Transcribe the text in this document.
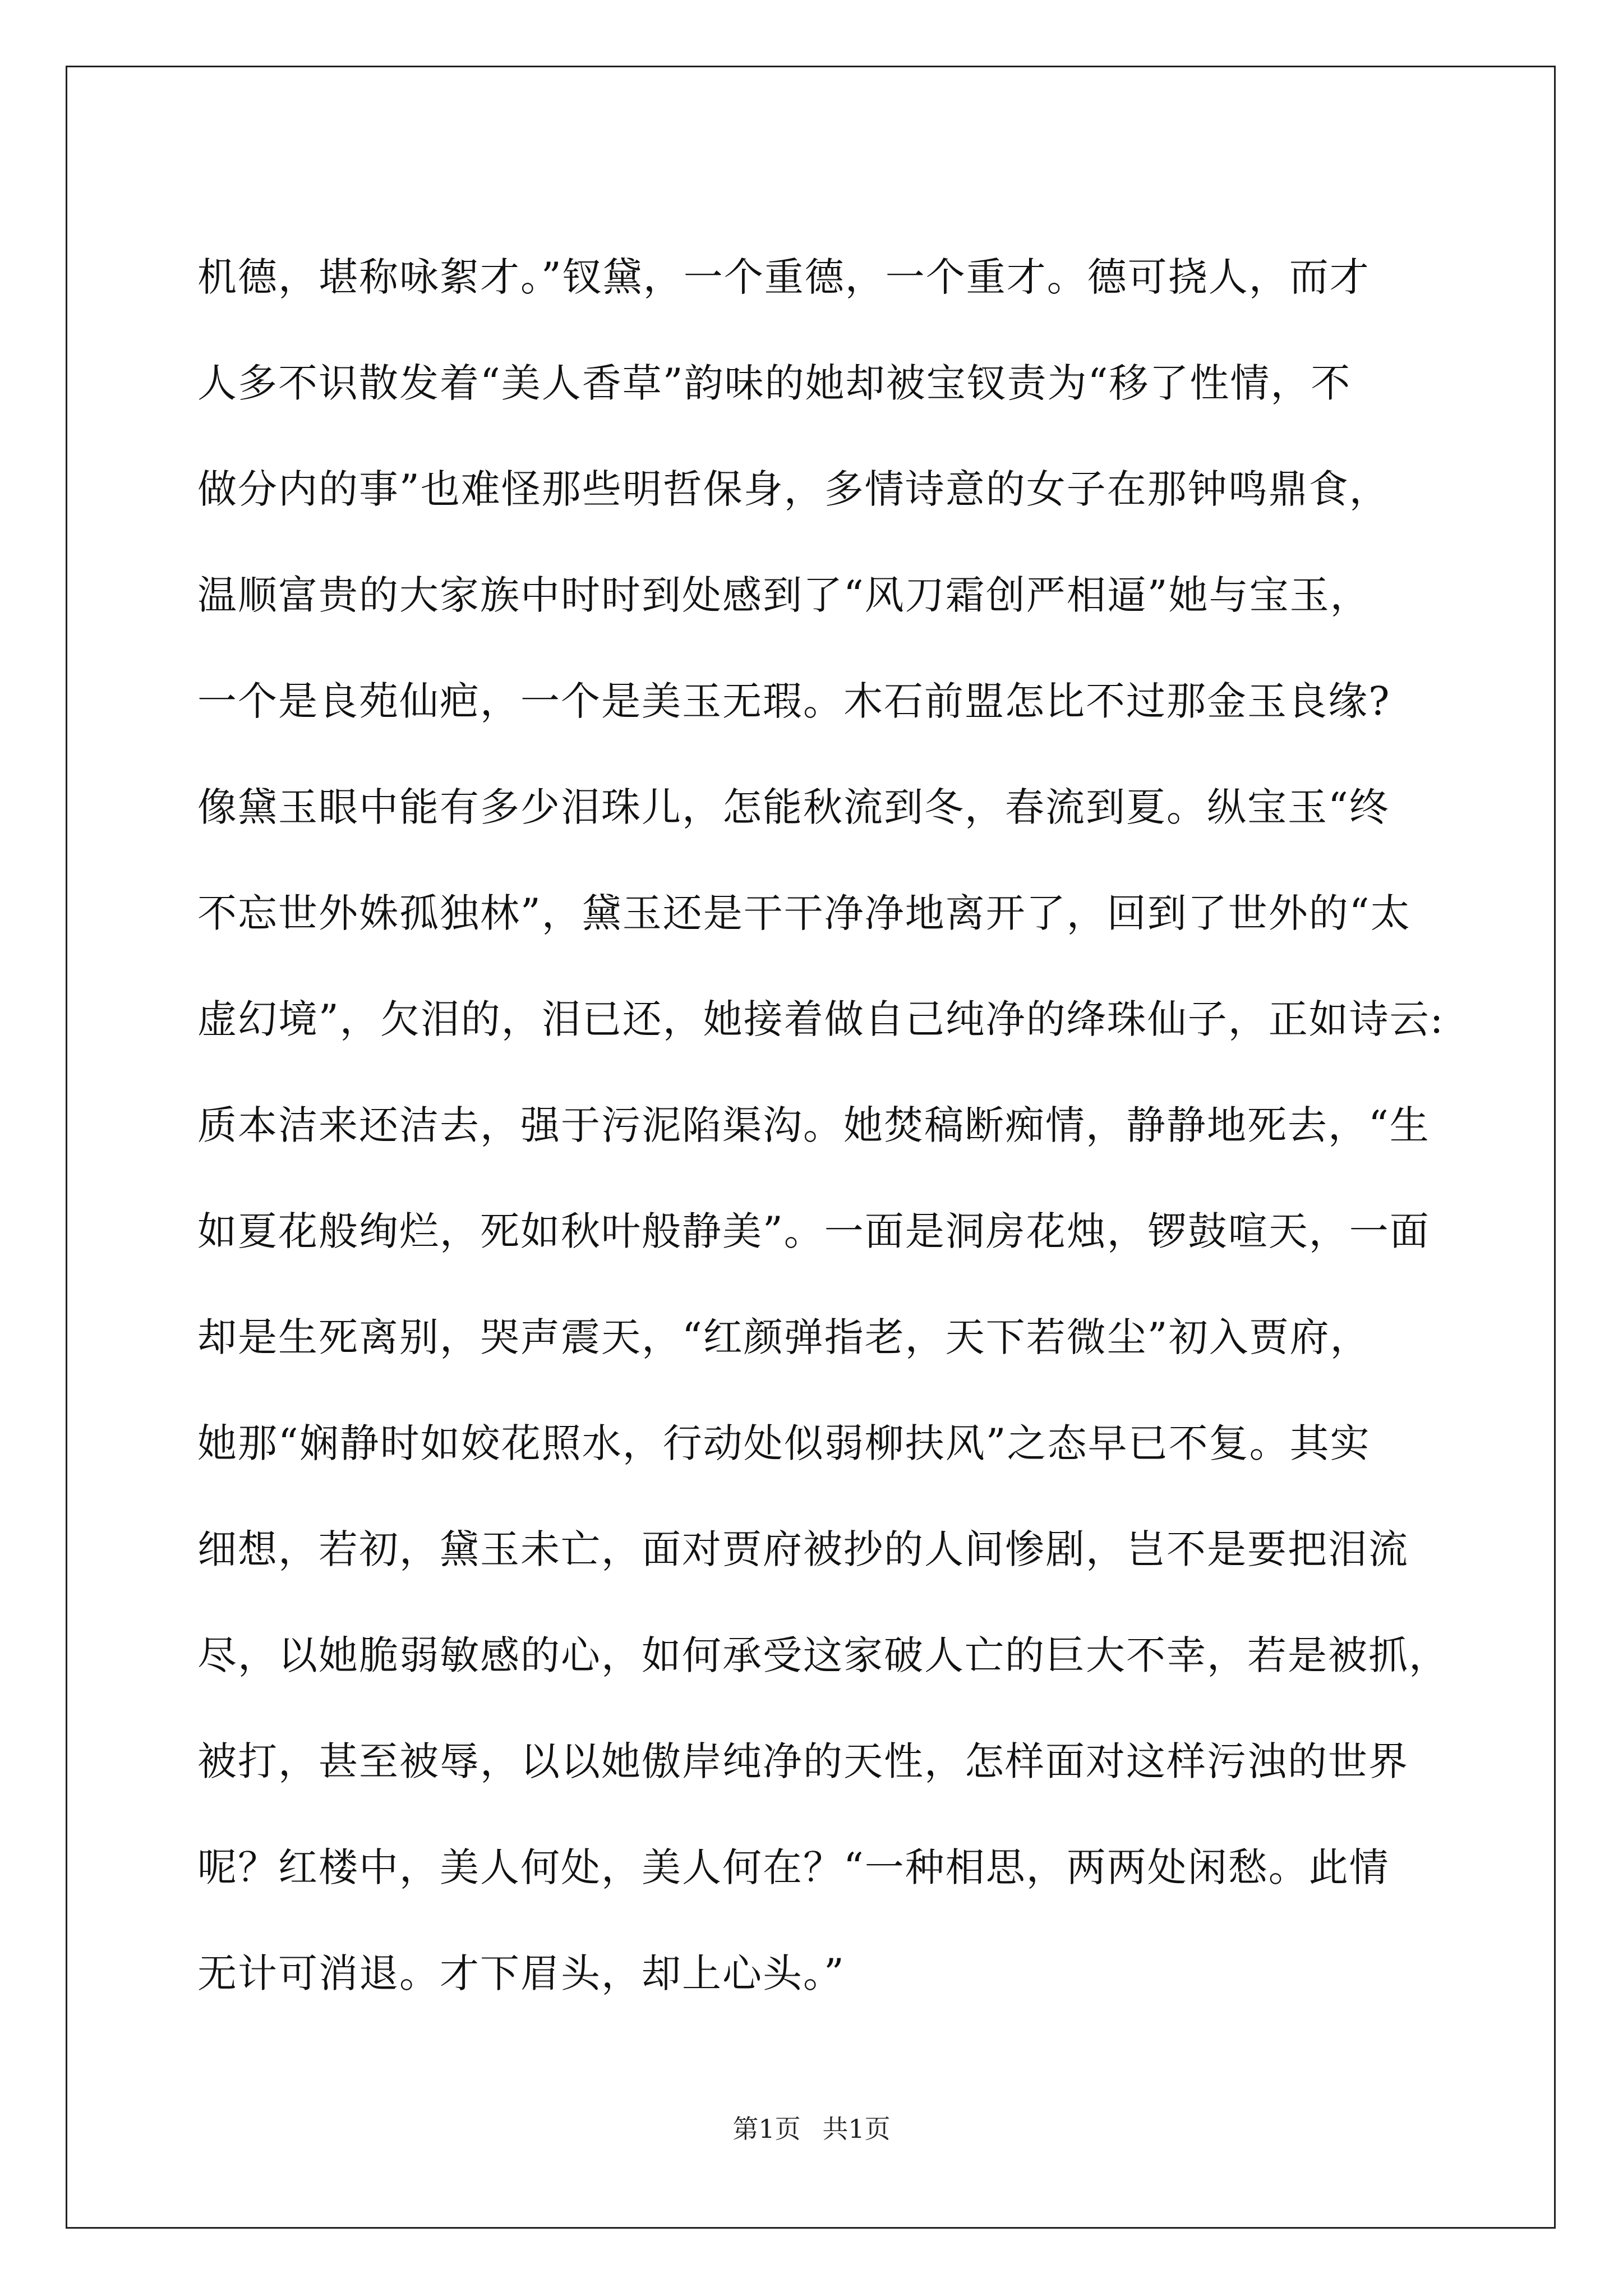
机德，堪称咏絮才。”钗黛，一个重德，一个重才。德可挠人，而才
人多不识散发着“美人香草”韵味的她却被宝钗责为“移了性情，不
做分内的事”也难怪那些明哲保身，多情诗意的女子在那钟鸣鼎食，
温顺富贵的大家族中时时到处感到了“风刀霜创严相逼”她与宝玉，
一个是良苑仙疤，一个是美玉无瑕。木石前盟怎比不过那金玉良缘?
像黛玉眼中能有多少泪珠儿，怎能秋流到冬，春流到夏。纵宝玉“终
不忘世外姝孤独林”，黛玉还是干干净净地离开了，回到了世外的“太
虚幻境”，欠泪的，泪已还，她接着做自己纯净的绛珠仙子，正如诗云:
质本洁来还洁去，强于污泥陷渠沟。她焚稿断痴情，静静地死去，“生
如夏花般绚烂，死如秋叶般静美”。一面是洞房花烛，锣鼓喧天，一面
却是生死离别，哭声震天，“红颜弹指老，天下若微尘”初入贾府，
她那“娴静时如姣花照水，行动处似弱柳扶风”之态早已不复。其实
细想，若初，黛玉未亡，面对贾府被抄的人间惨剧，岂不是要把泪流
尽，以她脆弱敏感的心，如何承受这家破人亡的巨大不幸，若是被抓，
被打，甚至被辱，以以她傲岸纯净的天性，怎样面对这样污浊的世界
呢？红楼中，美人何处，美人何在？“一种相思，两两处闲愁。此情
无计可消退。才下眉头，却上心头。”
第1页 共1页
